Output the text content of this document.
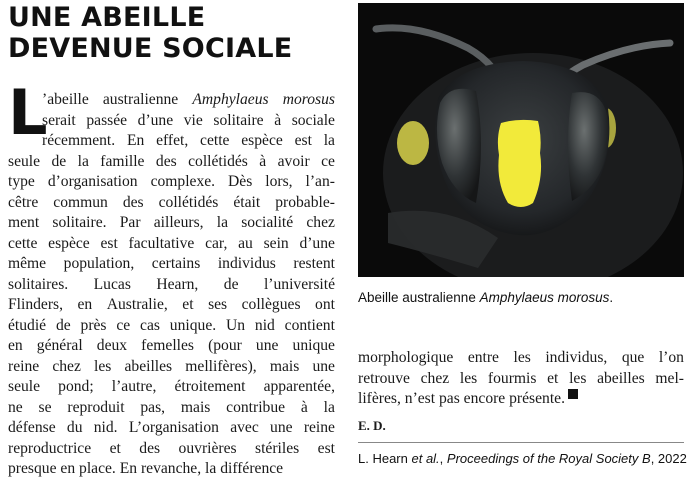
UNE ABEILLE
DEVENUE SOCIALE
L
’abeille australienne Amphylaeus morosus
serait passée d’une vie solitaire à sociale
récemment. En effet, cette espèce est la
seule de la famille des collétidés à avoir ce
type d’organisation complexe. Dès lors, l’an-
cêtre commun des collétidés était probable-
ment solitaire. Par ailleurs, la socialité chez
cette espèce est facultative car, au sein d’une
même population, certains individus restent
solitaires. Lucas Hearn, de l’université
Flinders, en Australie, et ses collègues ont
étudié de près ce cas unique. Un nid contient
en général deux femelles (pour une unique
reine chez les abeilles mellifères), mais une
seule pond; l’autre, étroitement apparentée,
ne se reproduit pas, mais contribue à la
défense du nid. L’organisation avec une reine
reproductrice et des ouvrières stériles est
presque en place. En revanche, la différence
Abeille australienne Amphylaeus morosus.
morphologique entre les individus, que l’on
retrouve chez les fourmis et les abeilles mel-
lifères, n’est pas encore présente.
E. D.
L. Hearn et al., Proceedings of the Royal Society B, 2022
